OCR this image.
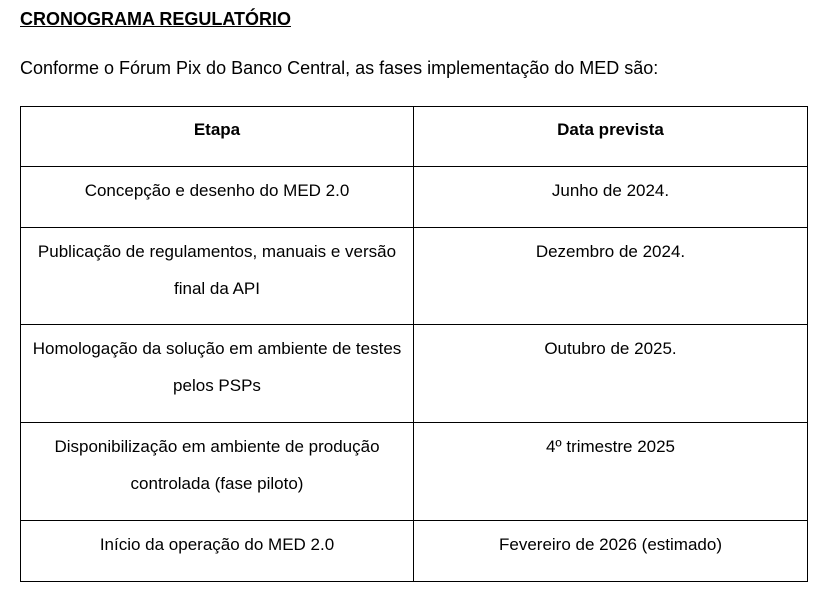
CRONOGRAMA REGULATÓRIO
Conforme o Fórum Pix do Banco Central, as fases implementação do MED são:
Etapa	Data prevista
Concepção e desenho do MED 2.0	Junho de 2024.
Publicação de regulamentos, manuais e versão final da API	Dezembro de 2024.
Homologação da solução em ambiente de testes pelos PSPs	Outubro de 2025.
Disponibilização em ambiente de produção controlada (fase piloto)	4º trimestre 2025
Início da operação do MED 2.0	Fevereiro de 2026 (estimado)
